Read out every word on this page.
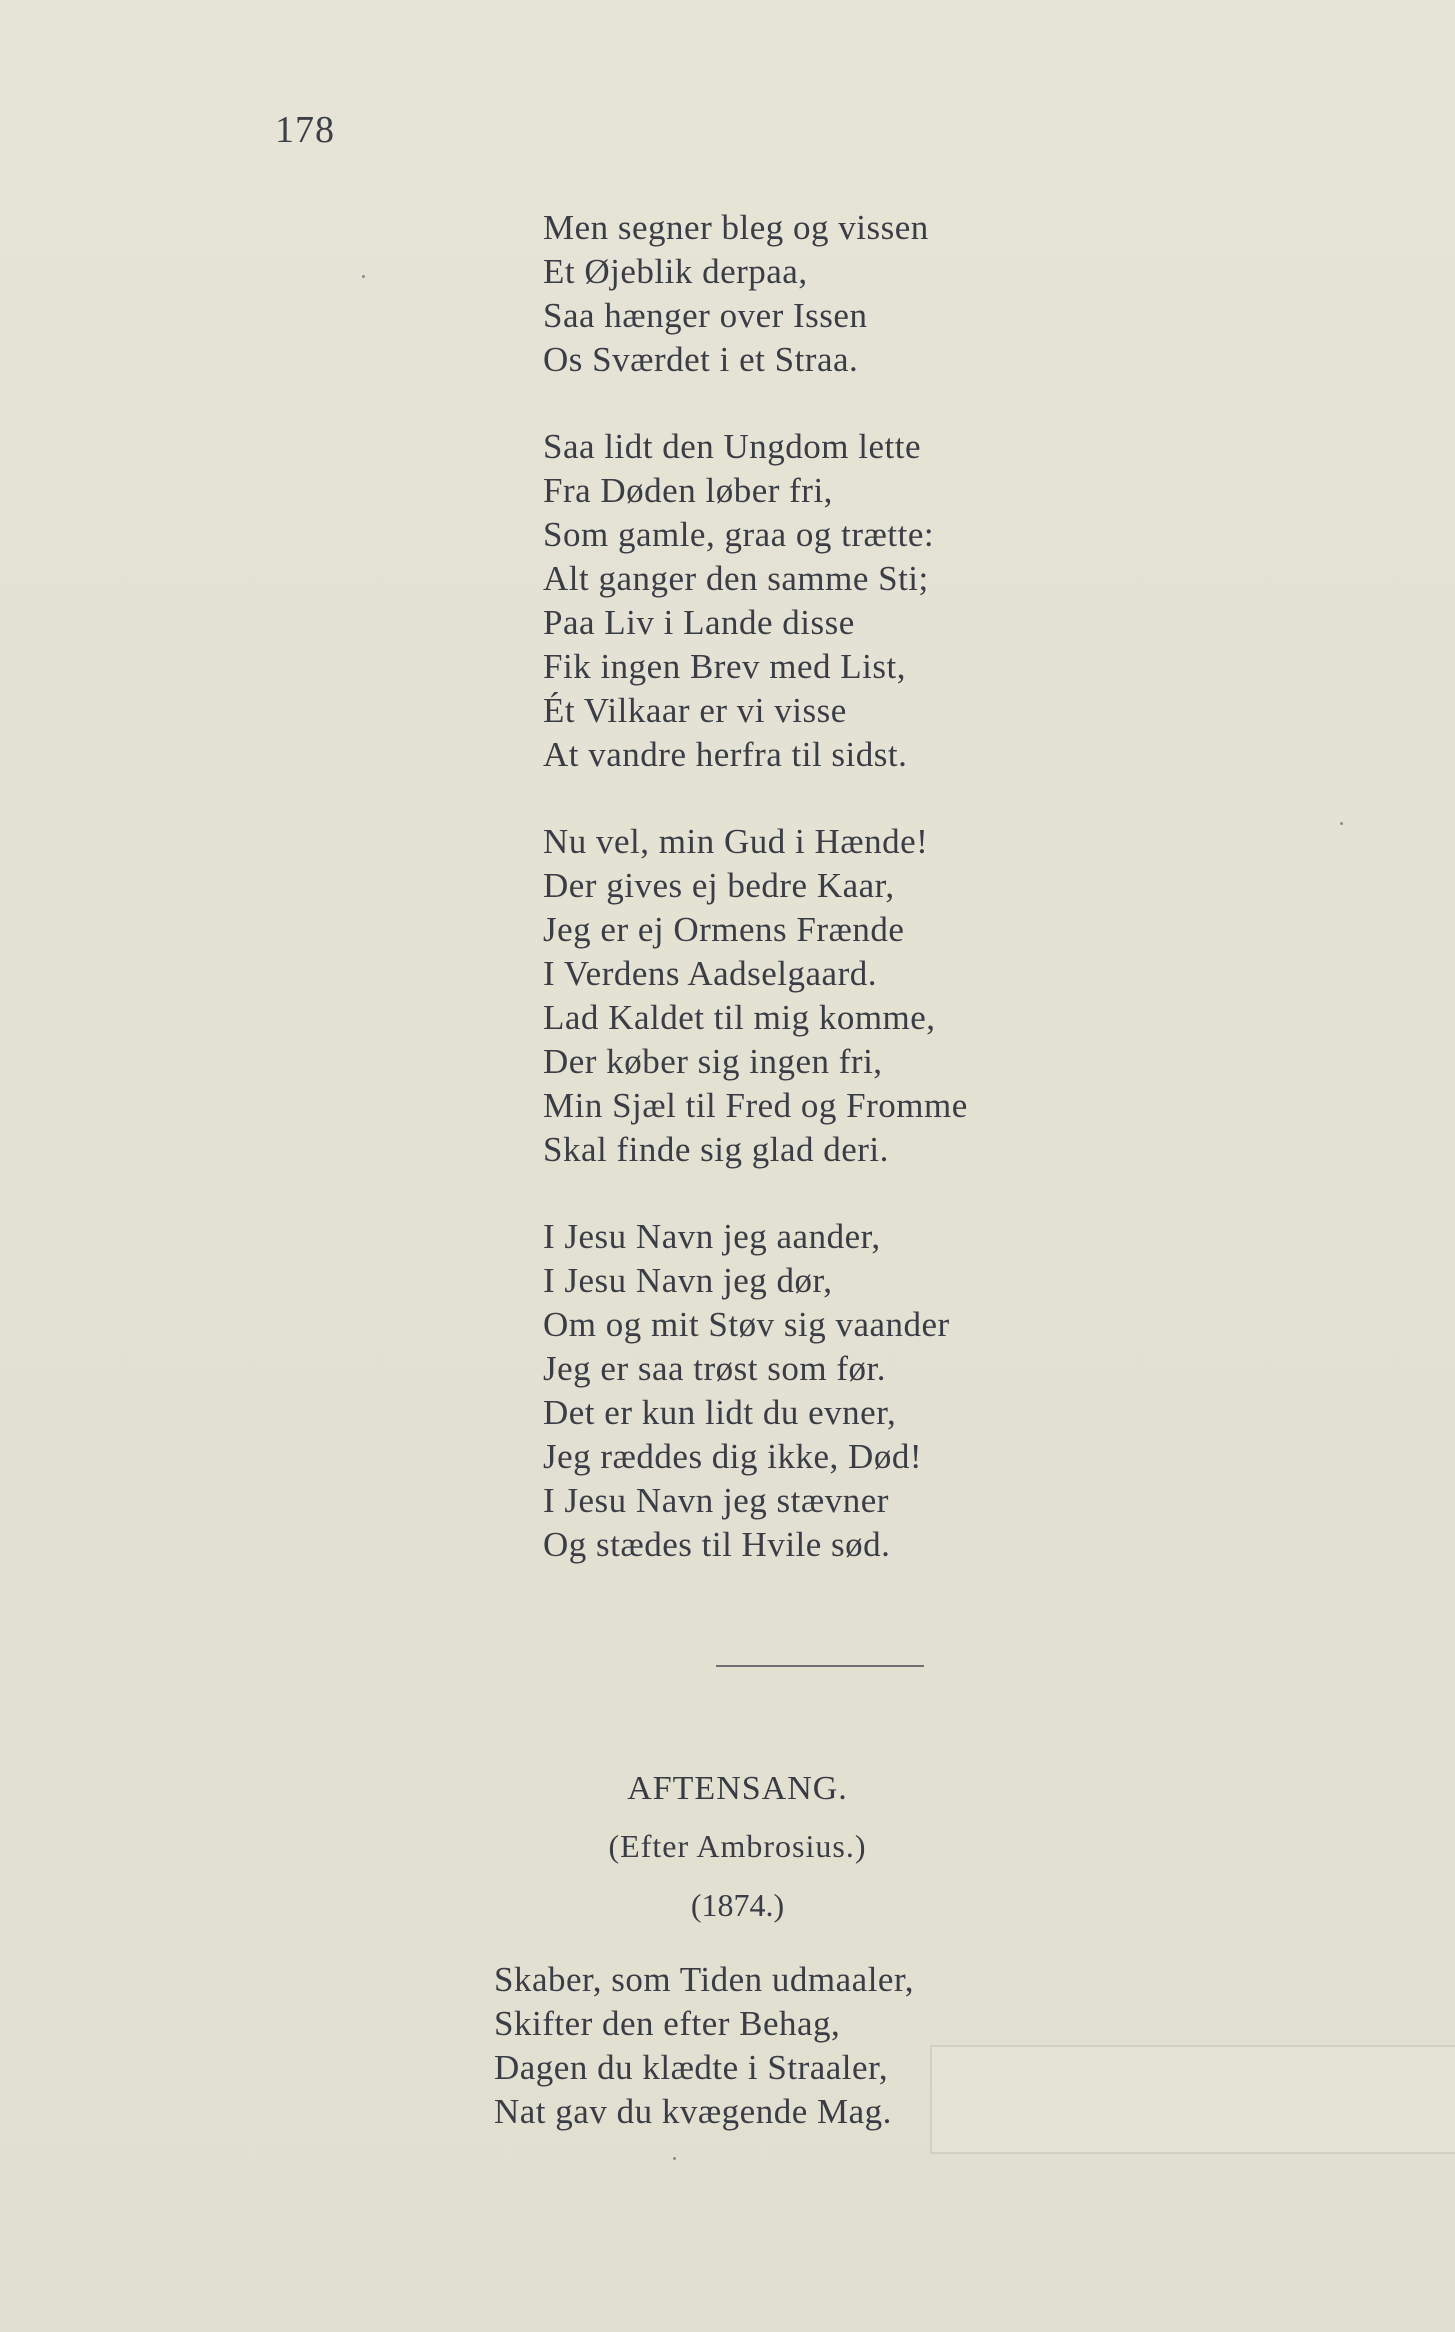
178
Men segner bleg og vissen
Et Øjeblik derpaa,
Saa hænger over Issen
Os Sværdet i et Straa.
Saa lidt den Ungdom lette
Fra Døden løber fri,
Som gamle, graa og trætte:
Alt ganger den samme Sti;
Paa Liv i Lande disse
Fik ingen Brev med List,
Ét Vilkaar er vi visse
At vandre herfra til sidst.
Nu vel, min Gud i Hænde!
Der gives ej bedre Kaar,
Jeg er ej Ormens Frænde
I Verdens Aadselgaard.
Lad Kaldet til mig komme,
Der køber sig ingen fri,
Min Sjæl til Fred og Fromme
Skal finde sig glad deri.
I Jesu Navn jeg aander,
I Jesu Navn jeg dør,
Om og mit Støv sig vaander
Jeg er saa trøst som før.
Det er kun lidt du evner,
Jeg ræddes dig ikke, Død!
I Jesu Navn jeg stævner
Og stædes til Hvile sød.
AFTENSANG.
(Efter Ambrosius.)
(1874.)
Skaber, som Tiden udmaaler,
Skifter den efter Behag,
Dagen du klædte i Straaler,
Nat gav du kvægende Mag.
